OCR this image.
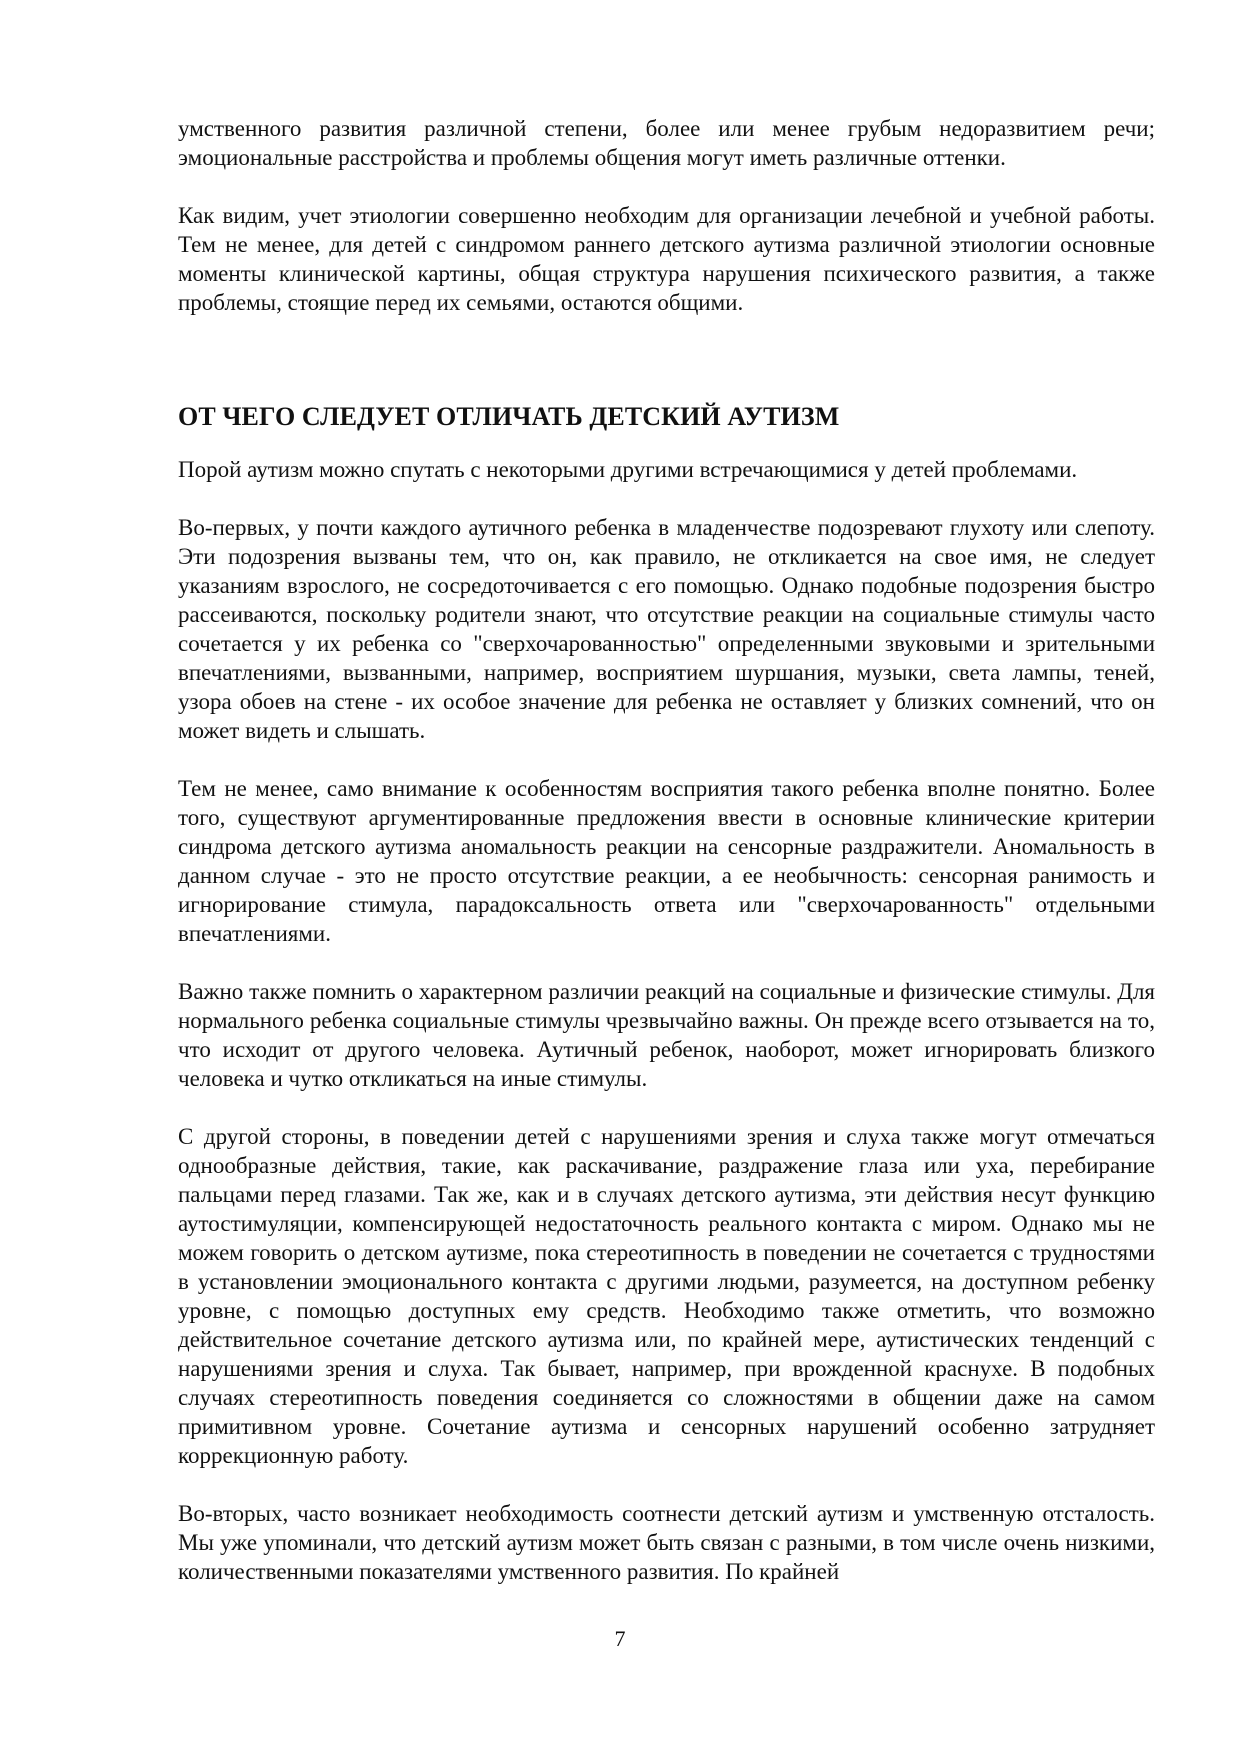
умственного развития различной степени, более или менее грубым недоразвитием речи; эмоциональные расстройства и проблемы общения могут иметь различные оттенки.

Как видим, учет этиологии совершенно необходим для организации лечебной и учебной работы. Тем не менее, для детей с синдромом раннего детского аутизма различной этиологии основные моменты клинической картины, общая структура нарушения психического развития, а также проблемы, стоящие перед их семьями, остаются общими.

ОТ ЧЕГО СЛЕДУЕТ ОТЛИЧАТЬ ДЕТСКИЙ АУТИЗМ

Порой аутизм можно спутать с некоторыми другими встречающимися у детей проблемами.

Во-первых, у почти каждого аутичного ребенка в младенчестве подозревают глухоту или слепоту. Эти подозрения вызваны тем, что он, как правило, не откликается на свое имя, не следует указаниям взрослого, не сосредоточивается с его помощью. Однако подобные подозрения быстро рассеиваются, поскольку родители знают, что отсутствие реакции на социальные стимулы часто сочетается у их ребенка со "сверхочарованностью" определенными звуковыми и зрительными впечатлениями, вызванными, например, восприятием шуршания, музыки, света лампы, теней, узора обоев на стене - их особое значение для ребенка не оставляет у близких сомнений, что он может видеть и слышать.

Тем не менее, само внимание к особенностям восприятия такого ребенка вполне понятно. Более того, существуют аргументированные предложения ввести в основные клинические критерии синдрома детского аутизма аномальность реакции на сенсорные раздражители. Аномальность в данном случае - это не просто отсутствие реакции, а ее необычность: сенсорная ранимость и игнорирование стимула, парадоксальность ответа или "сверхочарованность" отдельными впечатлениями.

Важно также помнить о характерном различии реакций на социальные и физические стимулы. Для нормального ребенка социальные стимулы чрезвычайно важны. Он прежде всего отзывается на то, что исходит от другого человека. Аутичный ребенок, наоборот, может игнорировать близкого человека и чутко откликаться на иные стимулы.

С другой стороны, в поведении детей с нарушениями зрения и слуха также могут отмечаться однообразные действия, такие, как раскачивание, раздражение глаза или уха, перебирание пальцами перед глазами. Так же, как и в случаях детского аутизма, эти действия несут функцию аутостимуляции, компенсирующей недостаточность реального контакта с миром. Однако мы не можем говорить о детском аутизме, пока стереотипность в поведении не сочетается с трудностями в установлении эмоционального контакта с другими людьми, разумеется, на доступном ребенку уровне, с помощью доступных ему средств. Необходимо также отметить, что возможно действительное сочетание детского аутизма или, по крайней мере, аутистических тенденций с нарушениями зрения и слуха. Так бывает, например, при врожденной краснухе. В подобных случаях стереотипность поведения соединяется со сложностями в общении даже на самом примитивном уровне. Сочетание аутизма и сенсорных нарушений особенно затрудняет коррекционную работу.

Во-вторых, часто возникает необходимость соотнести детский аутизм и умственную отсталость. Мы уже упоминали, что детский аутизм может быть связан с разными, в том числе очень низкими, количественными показателями умственного развития. По крайней

7
